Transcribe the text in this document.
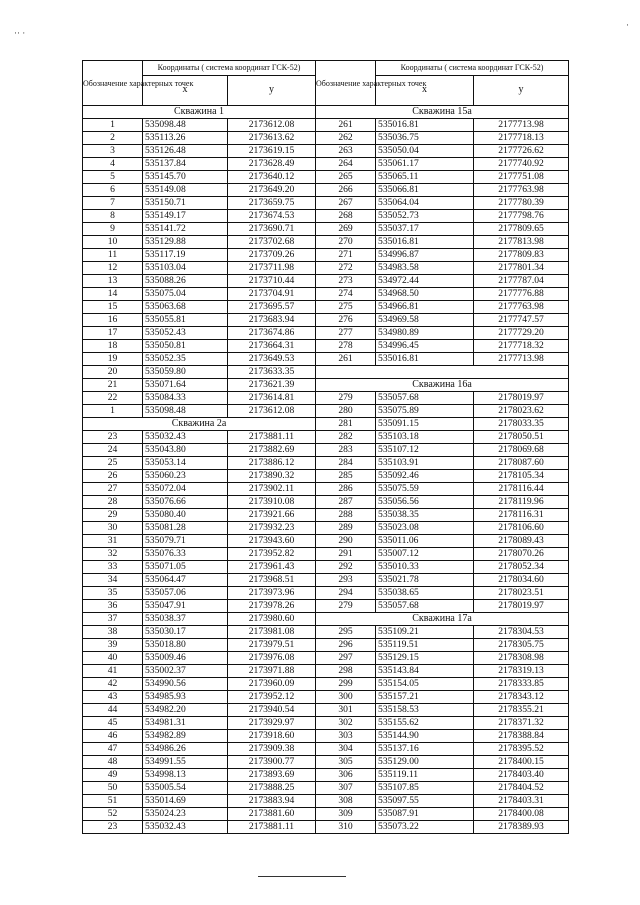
·· ·
·
Обозначение характерных точек	Координаты ( система координат ГСК-52)		Обозначение характерных точек	Координаты ( система координат ГСК-52)	
	x	y		x	y
Скважина 1			Скважина 15а		
1	535098.48	2173612.08	261	535016.81	2177713.98
2	535113.26	2173613.62	262	535036.75	2177718.13
3	535126.48	2173619.15	263	535050.04	2177726.62
4	535137.84	2173628.49	264	535061.17	2177740.92
5	535145.70	2173640.12	265	535065.11	2177751.08
6	535149.08	2173649.20	266	535066.81	2177763.98
7	535150.71	2173659.75	267	535064.04	2177780.39
8	535149.17	2173674.53	268	535052.73	2177798.76
9	535141.72	2173690.71	269	535037.17	2177809.65
10	535129.88	2173702.68	270	535016.81	2177813.98
11	535117.19	2173709.26	271	534996.87	2177809.83
12	535103.04	2173711.98	272	534983.58	2177801.34
13	535088.26	2173710.44	273	534972.44	2177787.04
14	535075.04	2173704.91	274	534968.50	2177776.88
15	535063.68	2173695.57	275	534966.81	2177763.98
16	535055.81	2173683.94	276	534969.58	2177747.57
17	535052.43	2173674.86	277	534980.89	2177729.20
18	535050.81	2173664.31	278	534996.45	2177718.32
19	535052.35	2173649.53	261	535016.81	2177713.98
20	535059.80	2173633.35			
21	535071.64	2173621.39	Скважина 16а		
22	535084.33	2173614.81	279	535057.68	2178019.97
1	535098.48	2173612.08	280	535075.89	2178023.62
Скважина 2а			281	535091.15	2178033.35
23	535032.43	2173881.11	282	535103.18	2178050.51
24	535043.80	2173882.69	283	535107.12	2178069.68
25	535053.14	2173886.12	284	535103.91	2178087.60
26	535060.23	2173890.32	285	535092.46	2178105.34
27	535072.04	2173902.11	286	535075.59	2178116.44
28	535076.66	2173910.08	287	535056.56	2178119.96
29	535080.40	2173921.66	288	535038.35	2178116.31
30	535081.28	2173932.23	289	535023.08	2178106.60
31	535079.71	2173943.60	290	535011.06	2178089.43
32	535076.33	2173952.82	291	535007.12	2178070.26
33	535071.05	2173961.43	292	535010.33	2178052.34
34	535064.47	2173968.51	293	535021.78	2178034.60
35	535057.06	2173973.96	294	535038.65	2178023.51
36	535047.91	2173978.26	279	535057.68	2178019.97
37	535038.37	2173980.60	Скважина 17а		
38	535030.17	2173981.08	295	535109.21	2178304.53
39	535018.80	2173979.51	296	535119.51	2178305.75
40	535009.46	2173976.08	297	535129.15	2178308.98
41	535002.37	2173971.88	298	535143.84	2178319.13
42	534990.56	2173960.09	299	535154.05	2178333.85
43	534985.93	2173952.12	300	535157.21	2178343.12
44	534982.20	2173940.54	301	535158.53	2178355.21
45	534981.31	2173929.97	302	535155.62	2178371.32
46	534982.89	2173918.60	303	535144.90	2178388.84
47	534986.26	2173909.38	304	535137.16	2178395.52
48	534991.55	2173900.77	305	535129.00	2178400.15
49	534998.13	2173893.69	306	535119.11	2178403.40
50	535005.54	2173888.25	307	535107.85	2178404.52
51	535014.69	2173883.94	308	535097.55	2178403.31
52	535024.23	2173881.60	309	535087.91	2178400.08
23	535032.43	2173881.11	310	535073.22	2178389.93
